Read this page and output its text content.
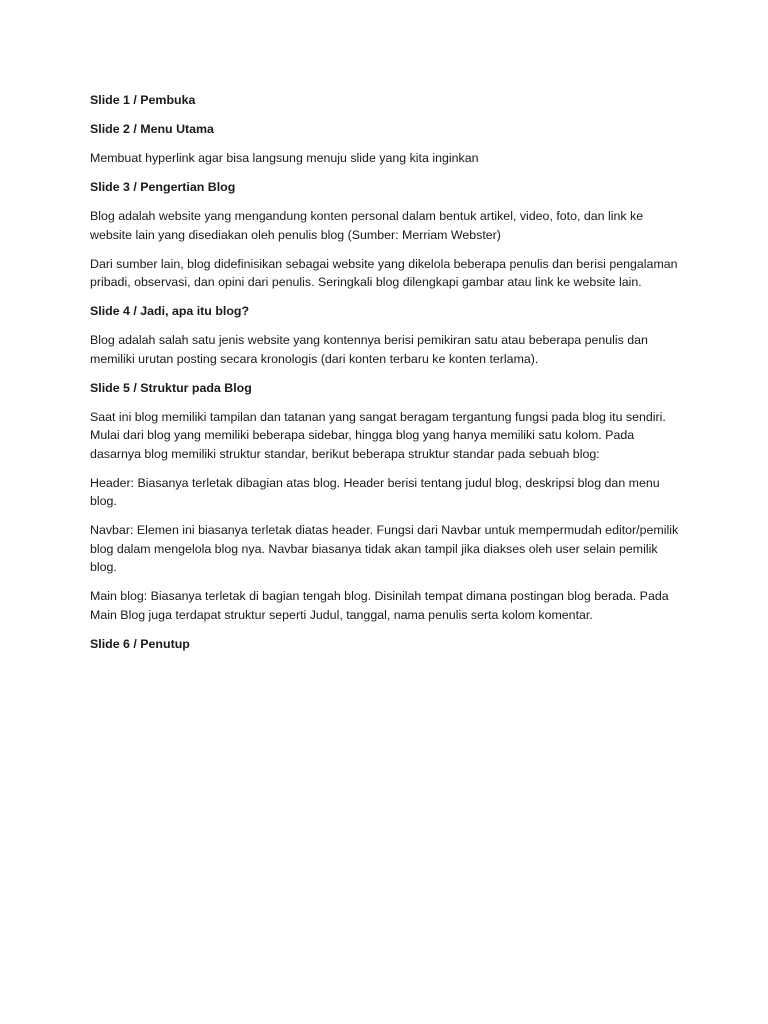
Slide 1 / Pembuka

Slide 2 / Menu Utama

Membuat hyperlink agar bisa langsung menuju slide yang kita inginkan

Slide 3 / Pengertian Blog

Blog adalah website yang mengandung konten personal dalam bentuk artikel, video, foto, dan link ke website lain yang disediakan oleh penulis blog (Sumber: Merriam Webster)

Dari sumber lain, blog didefinisikan sebagai website yang dikelola beberapa penulis dan berisi pengalaman pribadi, observasi, dan opini dari penulis. Seringkali blog dilengkapi gambar atau link ke website lain.

Slide 4 / Jadi, apa itu blog?

Blog adalah salah satu jenis website yang kontennya berisi pemikiran satu atau beberapa penulis dan memiliki urutan posting secara kronologis (dari konten terbaru ke konten terlama).

Slide 5 / Struktur pada Blog

Saat ini blog memiliki tampilan dan tatanan yang sangat beragam tergantung fungsi pada blog itu sendiri. Mulai dari blog yang memiliki beberapa sidebar, hingga blog yang hanya memiliki satu kolom. Pada dasarnya blog memiliki struktur standar, berikut beberapa struktur standar pada sebuah blog:

Header: Biasanya terletak dibagian atas blog. Header berisi tentang judul blog, deskripsi blog dan menu blog.

Navbar: Elemen ini biasanya terletak diatas header. Fungsi dari Navbar untuk mempermudah editor/pemilik blog dalam mengelola blog nya. Navbar biasanya tidak akan tampil jika diakses oleh user selain pemilik blog.

Main blog: Biasanya terletak di bagian tengah blog. Disinilah tempat dimana postingan blog berada. Pada Main Blog juga terdapat struktur seperti Judul, tanggal, nama penulis serta kolom komentar.

Slide 6 / Penutup
